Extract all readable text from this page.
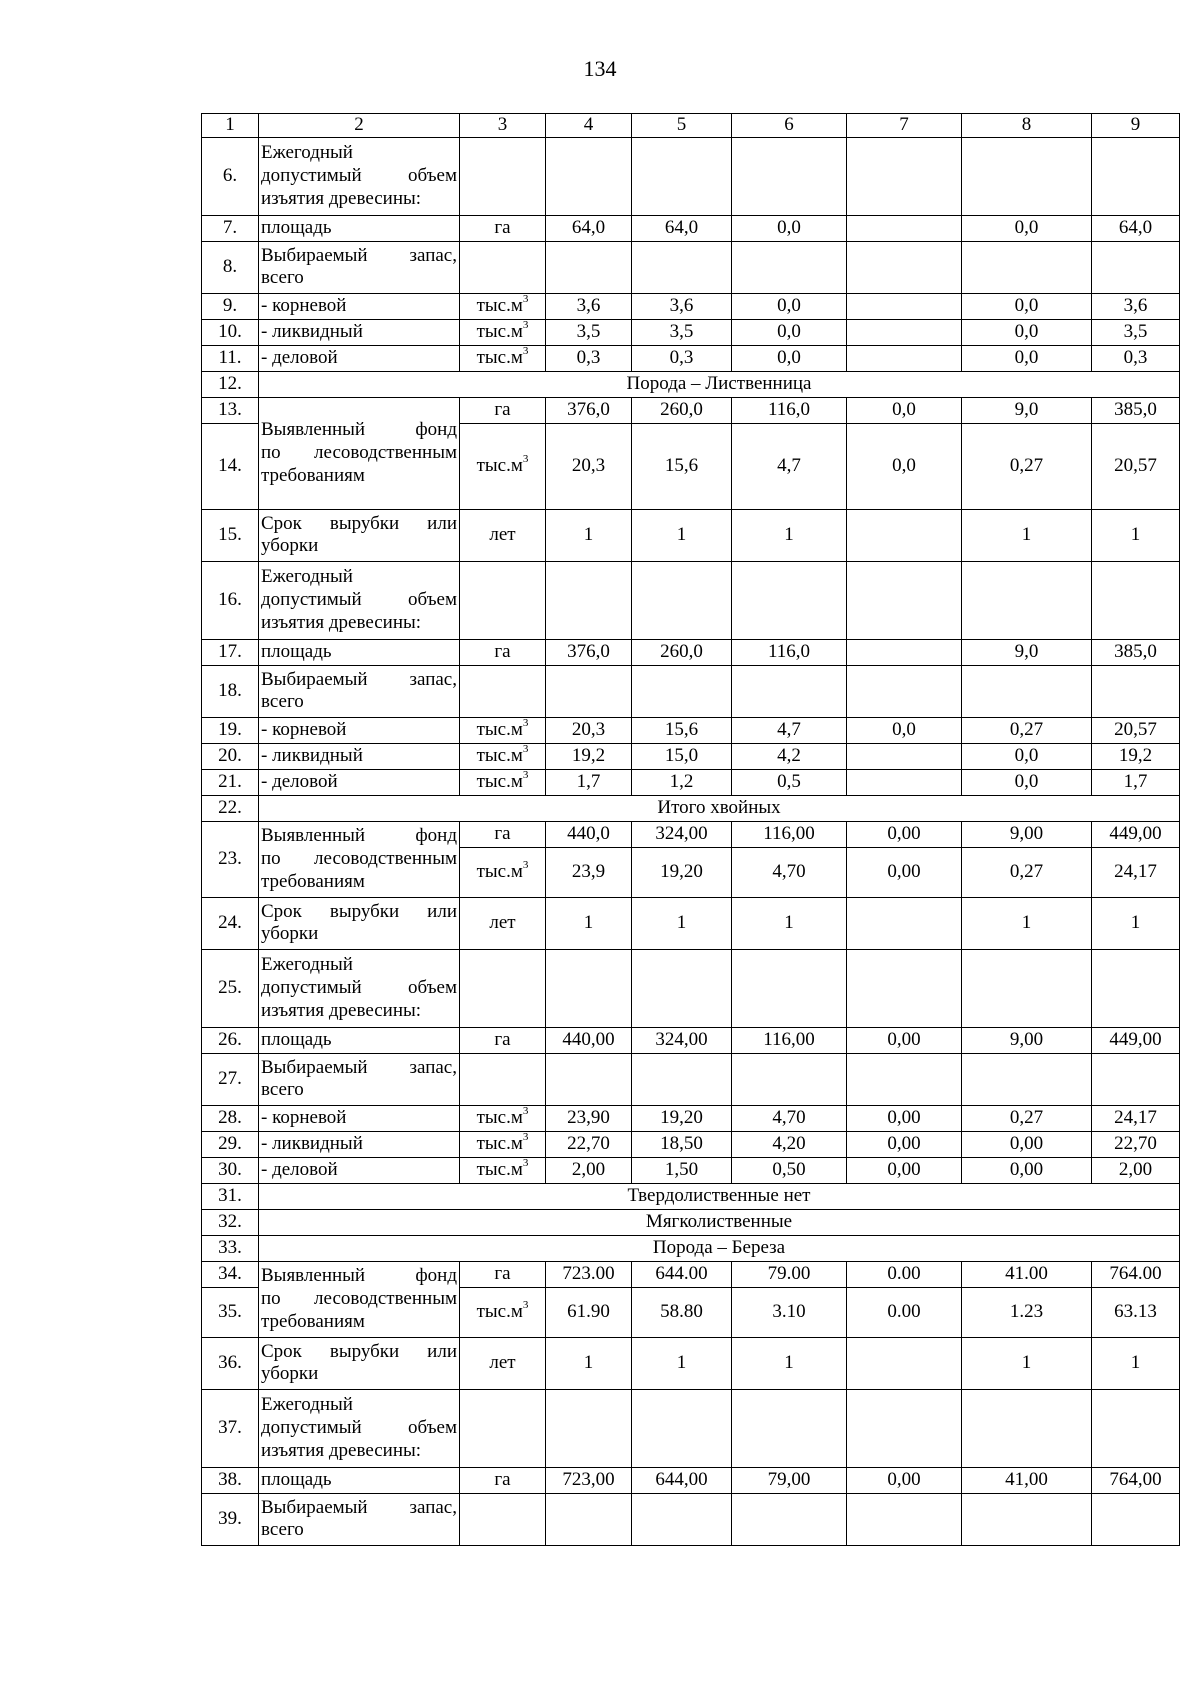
134
1	2	3	4	5	6	7	8	9
6.	Ежегодный
допустимый объем
изъятия древесины:							

7.	площадь	га	64,0	64,0	0,0		0,0	64,0
8.	Выбираемый запас,
всего							

9.	- корневой	$тыс.м^3$	3,6	3,6	0,0		0,0	3,6
10.	- ликвидный	$тыс.м^3$	3,5	3,5	0,0		0,0	3,5
11.	- деловой	$тыс.м^3$	0,3	0,3	0,0		0,0	0,3
12.	Порода – Лиственница							
13.	Выявленный фонд
по лесоводственным
требованиям	га	376,0	260,0	116,0	0,0	9,0	385,0
14.		$тыс.м^3$	20,3	15,6	4,7	0,0	0,27	20,57
15.	Срок вырубки или
уборки	лет	1	1	1		1	1
16.	Ежегодный
допустимый объем
изъятия древесины:							

17.	площадь	га	376,0	260,0	116,0		9,0	385,0
18.	Выбираемый запас,
всего							

19.	- корневой	$тыс.м^3$	20,3	15,6	4,7	0,0	0,27	20,57
20.	- ликвидный	$тыс.м^3$	19,2	15,0	4,2		0,0	19,2
21.	- деловой	$тыс.м^3$	1,7	1,2	0,5		0,0	1,7
22.	Итого хвойных							
23.	Выявленный фонд
по лесоводственным
требованиям	га	440,0	324,00	116,00	0,00	9,00	449,00
		$тыс.м^3$	23,9	19,20	4,70	0,00	0,27	24,17
24.	Срок вырубки или
уборки	лет	1	1	1		1	1
25.	Ежегодный
допустимый объем
изъятия древесины:							

26.	площадь	га	440,00	324,00	116,00	0,00	9,00	449,00
27.	Выбираемый запас,
всего							

28.	- корневой	$тыс.м^3$	23,90	19,20	4,70	0,00	0,27	24,17
29.	- ликвидный	$тыс.м^3$	22,70	18,50	4,20	0,00	0,00	22,70
30.	- деловой	$тыс.м^3$	2,00	1,50	0,50	0,00	0,00	2,00
31.	Твердолиственные нет							
32.	Мягколиственные							
33.	Порода – Береза							
34.	Выявленный фонд
по лесоводственным
требованиям	га	723.00	644.00	79.00	0.00	41.00	764.00
35.		$тыс.м^3$	61.90	58.80	3.10	0.00	1.23	63.13
36.	Срок вырубки или
уборки	лет	1	1	1		1	1
37.	Ежегодный
допустимый объем
изъятия древесины:							

38.	площадь	га	723,00	644,00	79,00	0,00	41,00	764,00
39.	Выбираемый запас,
всего							
